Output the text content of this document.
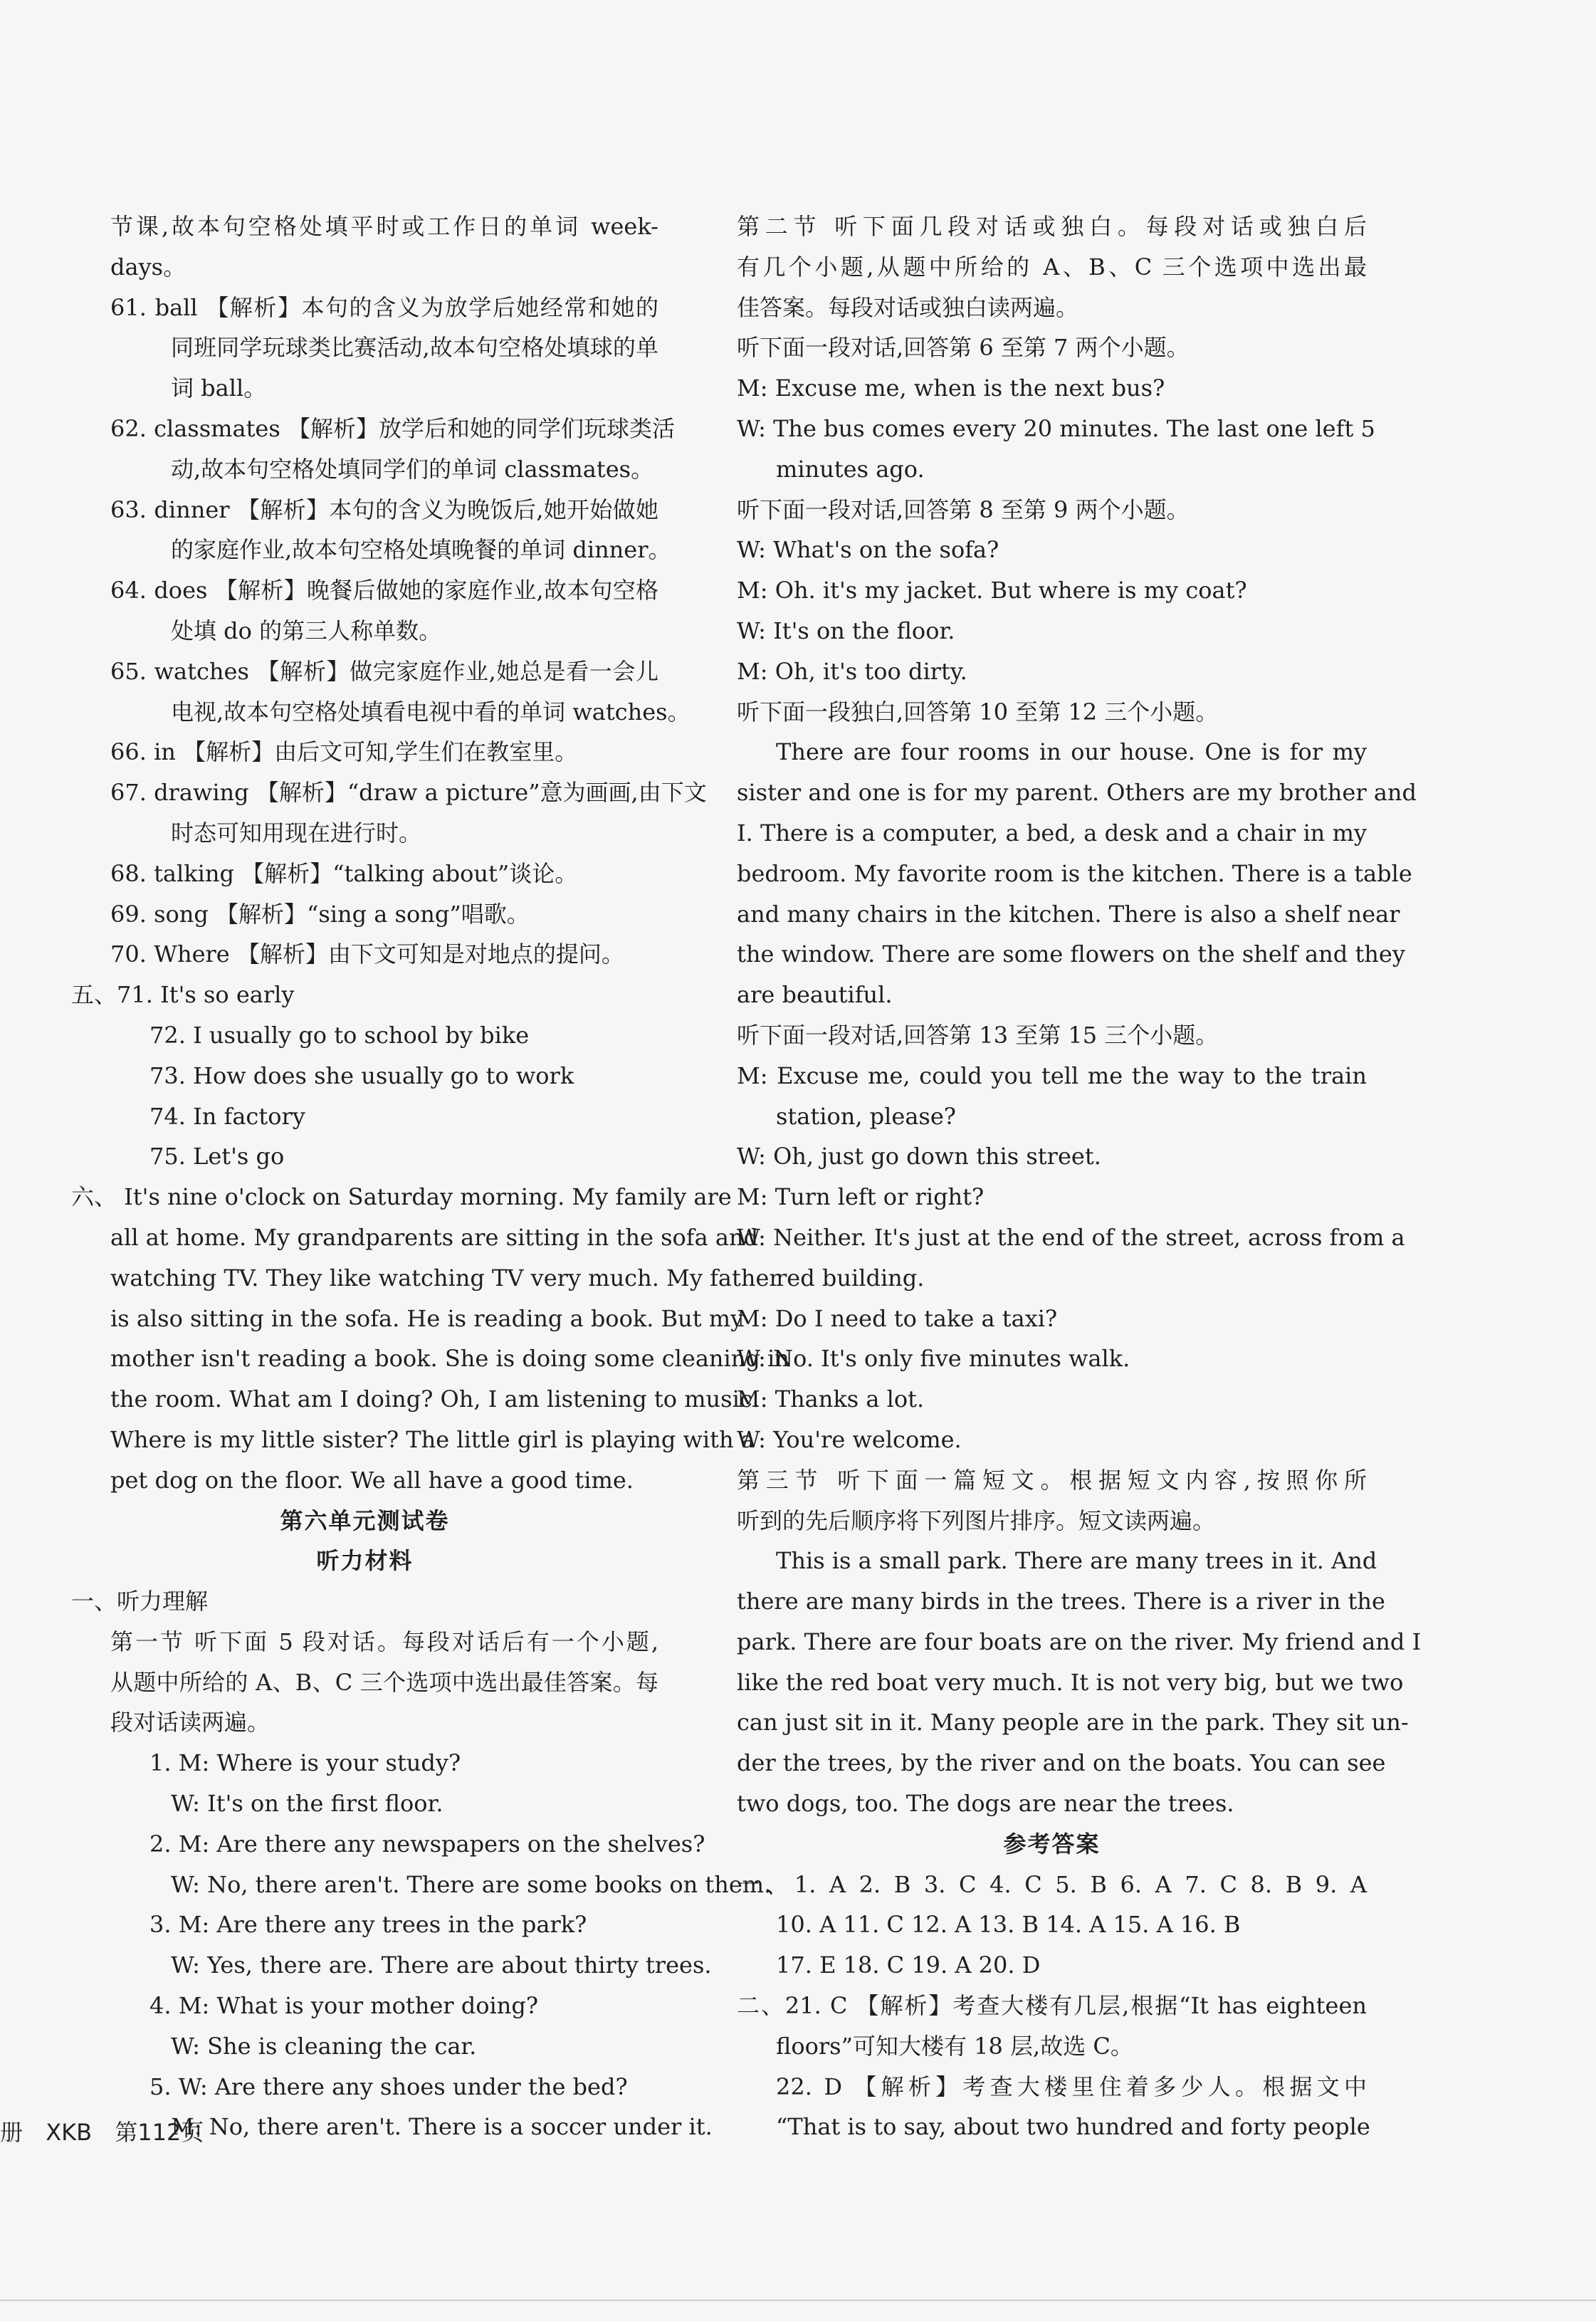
节课,故本句空格处填平时或工作日的单词 week-
days。
61. ball 【解析】本句的含义为放学后她经常和她的
同班同学玩球类比赛活动,故本句空格处填球的单
词 ball。
62. classmates 【解析】放学后和她的同学们玩球类活
动,故本句空格处填同学们的单词 classmates。
63. dinner 【解析】本句的含义为晚饭后,她开始做她
的家庭作业,故本句空格处填晚餐的单词 dinner。
64. does 【解析】晚餐后做她的家庭作业,故本句空格
处填 do 的第三人称单数。
65. watches 【解析】做完家庭作业,她总是看一会儿
电视,故本句空格处填看电视中看的单词 watches。
66. in 【解析】由后文可知,学生们在教室里。
67. drawing 【解析】“draw a picture”意为画画,由下文
时态可知用现在进行时。
68. talking 【解析】“talking about”谈论。
69. song 【解析】“sing a song”唱歌。
70. Where 【解析】由下文可知是对地点的提问。
五、71. It's so early
72. I usually go to school by bike
73. How does she usually go to work
74. In factory
75. Let's go
六、 It's nine o'clock on Saturday morning. My family are
all at home. My grandparents are sitting in the sofa and
watching TV. They like watching TV very much. My father
is also sitting in the sofa. He is reading a book. But my
mother isn't reading a book. She is doing some cleaning in
the room. What am I doing? Oh, I am listening to music.
Where is my little sister? The little girl is playing with a
pet dog on the floor. We all have a good time.
第六单元测试卷
听力材料
一、听力理解
第一节 听下面 5 段对话。每段对话后有一个小题,
从题中所给的 A、B、C 三个选项中选出最佳答案。每
段对话读两遍。
1. M: Where is your study?
W: It's on the first floor.
2. M: Are there any newspapers on the shelves?
W: No, there aren't. There are some books on them.
3. M: Are there any trees in the park?
W: Yes, there are. There are about thirty trees.
4. M: What is your mother doing?
W: She is cleaning the car.
5. W: Are there any shoes under the bed?
M: No, there aren't. There is a soccer under it.
第二节 听下面几段对话或独白。每段对话或独白后
有几个小题,从题中所给的 A、B、C 三个选项中选出最
佳答案。每段对话或独白读两遍。
听下面一段对话,回答第 6 至第 7 两个小题。
M: Excuse me, when is the next bus?
W: The bus comes every 20 minutes. The last one left 5
minutes ago.
听下面一段对话,回答第 8 至第 9 两个小题。
W: What's on the sofa?
M: Oh. it's my jacket. But where is my coat?
W: It's on the floor.
M: Oh, it's too dirty.
听下面一段独白,回答第 10 至第 12 三个小题。
There are four rooms in our house. One is for my
sister and one is for my parent. Others are my brother and
I. There is a computer, a bed, a desk and a chair in my
bedroom. My favorite room is the kitchen. There is a table
and many chairs in the kitchen. There is also a shelf near
the window. There are some flowers on the shelf and they
are beautiful.
听下面一段对话,回答第 13 至第 15 三个小题。
M: Excuse me, could you tell me the way to the train
station, please?
W: Oh, just go down this street.
M: Turn left or right?
W: Neither. It's just at the end of the street, across from a
red building.
M: Do I need to take a taxi?
W: No. It's only five minutes walk.
M: Thanks a lot.
W: You're welcome.
第三节 听下面一篇短文。根据短文内容,按照你所
听到的先后顺序将下列图片排序。短文读两遍。
This is a small park. There are many trees in it. And
there are many birds in the trees. There is a river in the
park. There are four boats are on the river. My friend and I
like the red boat very much. It is not very big, but we two
can just sit in it. Many people are in the park. They sit un-
der the trees, by the river and on the boats. You can see
two dogs, too. The dogs are near the trees.
参考答案
一、1. A 2. B 3. C 4. C 5. B 6. A 7. C 8. B 9. A
10. A 11. C 12. A 13. B 14. A 15. A 16. B
17. E 18. C 19. A 20. D
二、21. C 【解析】考查大楼有几层,根据“It has eighteen
floors”可知大楼有 18 层,故选 C。
22. D 【解析】考查大楼里住着多少人。根据文中
“That is to say, about two hundred and forty people
册 XKB 第112页
